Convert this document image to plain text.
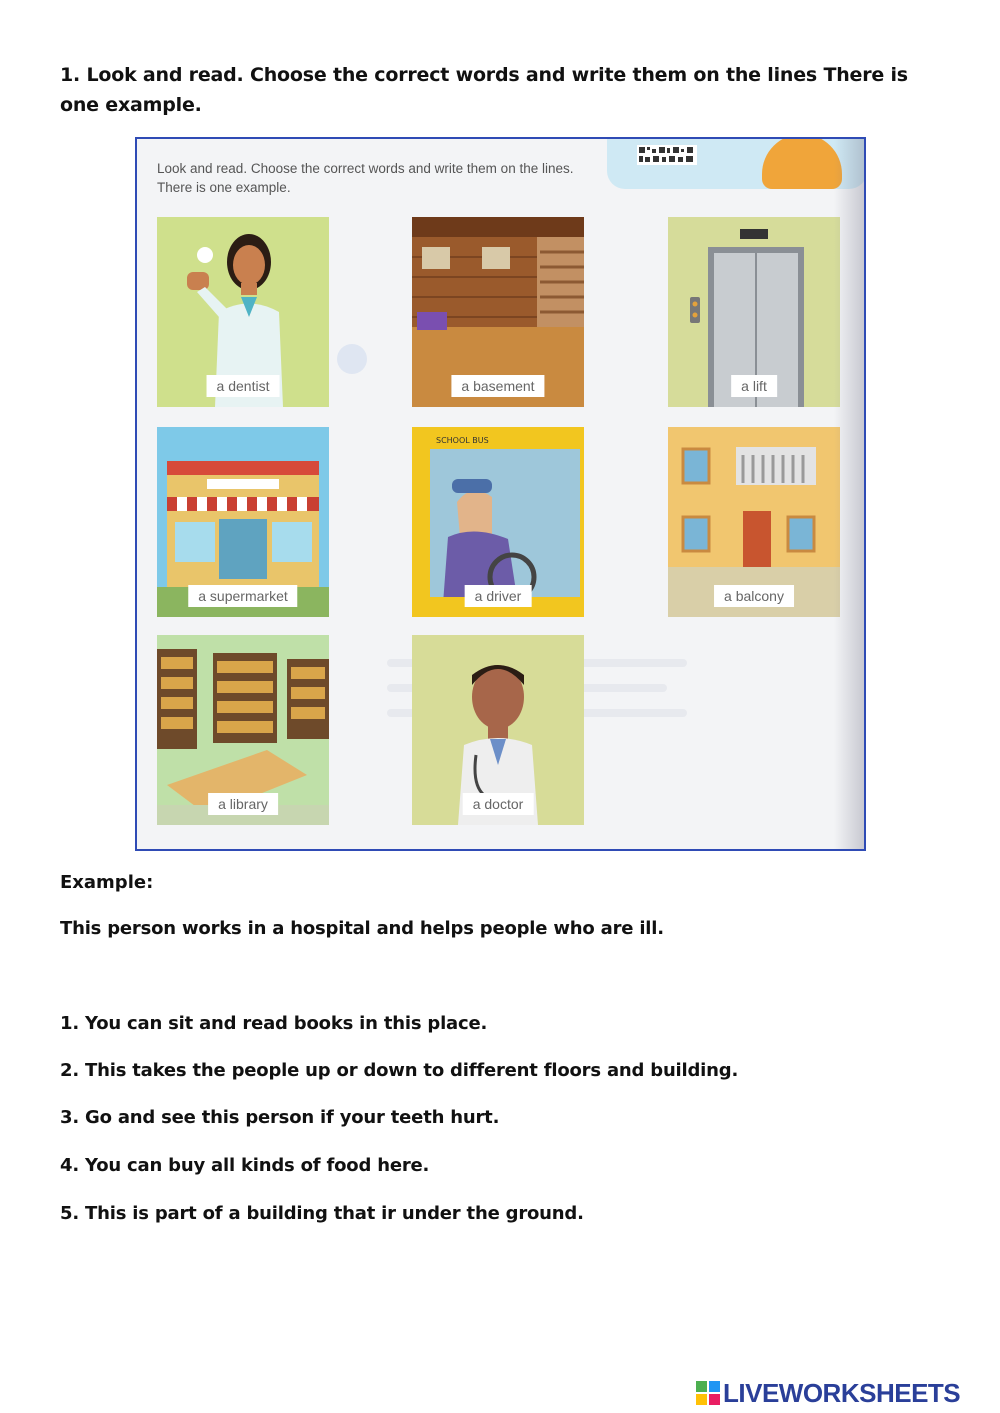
1. Look and read. Choose the correct words and write them on the lines There is one example.
Look and read. Choose the correct words and write them on the lines. There is one example.
a dentist	a basement	a lift
a supermarket
SCHOOL BUS
a driver	a balcony
a library	a doctor
Example:
This person works in a hospital and helps people who are ill.
1. You can sit and read books in this place.
2. This takes the people up or down to different floors and building.
3. Go and see this person if your teeth hurt.
4. You can buy all kinds of food here.
5. This is part of a building that ir under the ground.
LIVEWORKSHEETS
